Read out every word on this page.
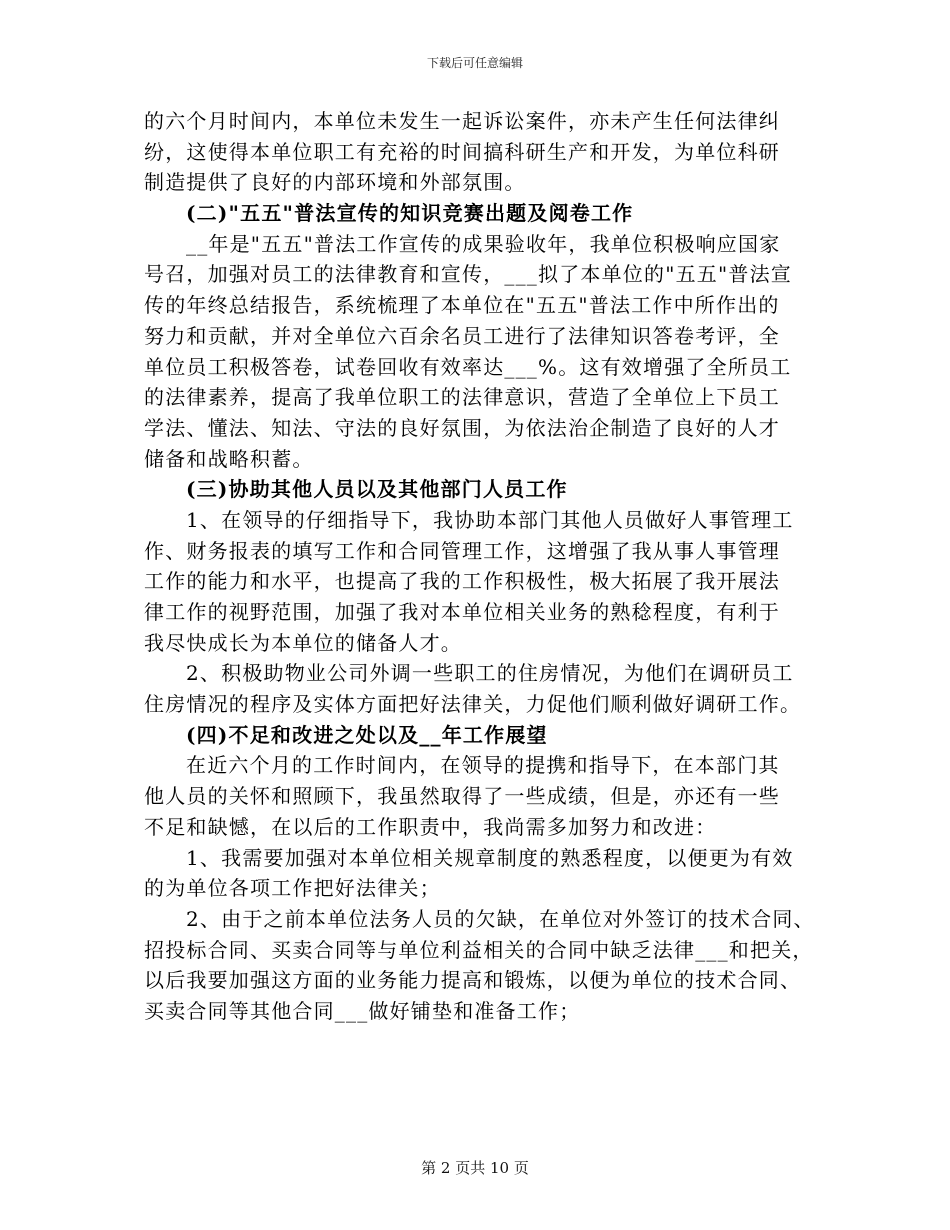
下载后可任意编辑
的六个月时间内，本单位未发生一起诉讼案件，亦未产生任何法律纠
纷，这使得本单位职工有充裕的时间搞科研生产和开发，为单位科研
制造提供了良好的内部环境和外部氛围。
(二)"五五"普法宣传的知识竞赛出题及阅卷工作
__年是"五五"普法工作宣传的成果验收年，我单位积极响应国家
号召，加强对员工的法律教育和宣传，___拟了本单位的"五五"普法宣
传的年终总结报告，系统梳理了本单位在"五五"普法工作中所作出的
努力和贡献，并对全单位六百余名员工进行了法律知识答卷考评，全
单位员工积极答卷，试卷回收有效率达___%。这有效增强了全所员工
的法律素养，提高了我单位职工的法律意识，营造了全单位上下员工
学法、懂法、知法、守法的良好氛围，为依法治企制造了良好的人才
储备和战略积蓄。
(三)协助其他人员以及其他部门人员工作
1、在领导的仔细指导下，我协助本部门其他人员做好人事管理工
作、财务报表的填写工作和合同管理工作，这增强了我从事人事管理
工作的能力和水平，也提高了我的工作积极性，极大拓展了我开展法
律工作的视野范围，加强了我对本单位相关业务的熟稔程度，有利于
我尽快成长为本单位的储备人才。
2、积极助物业公司外调一些职工的住房情况，为他们在调研员工
住房情况的程序及实体方面把好法律关，力促他们顺利做好调研工作。
(四)不足和改进之处以及__年工作展望
在近六个月的工作时间内，在领导的提携和指导下，在本部门其
他人员的关怀和照顾下，我虽然取得了一些成绩，但是，亦还有一些
不足和缺憾，在以后的工作职责中，我尚需多加努力和改进：
1、我需要加强对本单位相关规章制度的熟悉程度，以便更为有效
的为单位各项工作把好法律关；
2、由于之前本单位法务人员的欠缺，在单位对外签订的技术合同、
招投标合同、买卖合同等与单位利益相关的合同中缺乏法律___和把关，
以后我要加强这方面的业务能力提高和锻炼，以便为单位的技术合同、
买卖合同等其他合同___做好铺垫和准备工作；
第 2 页共 10 页
